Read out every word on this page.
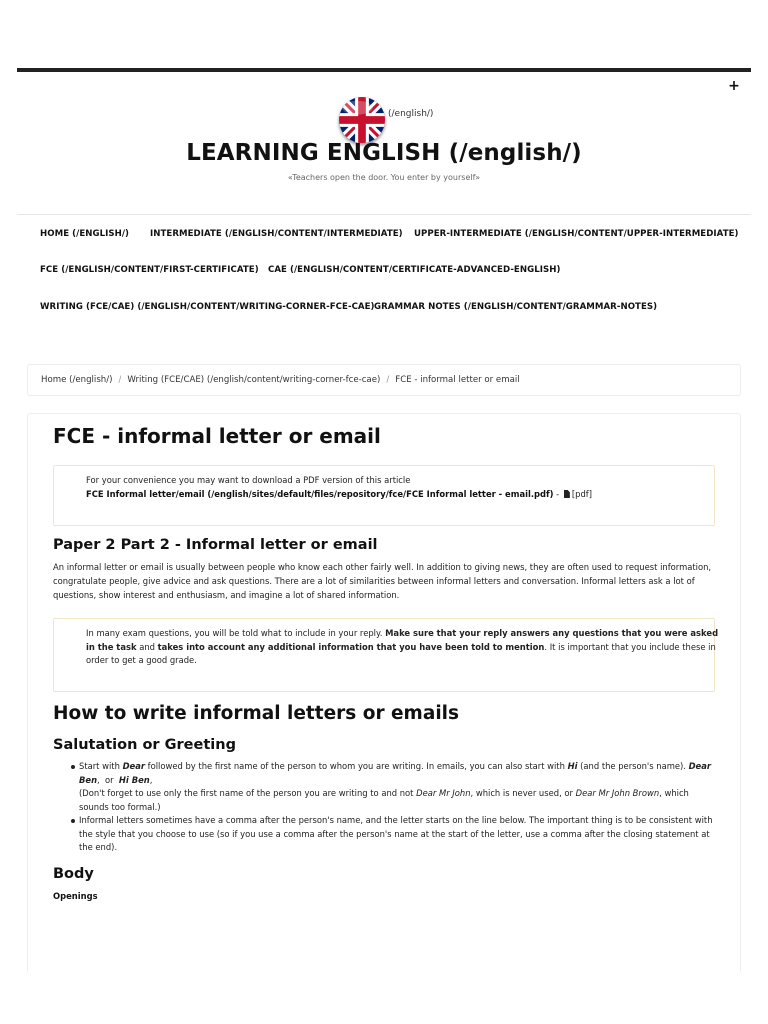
+
(/english/)
LEARNING ENGLISH (/english/)
«Teachers open the door. You enter by yourself»
HOME (/ENGLISH/) INTERMEDIATE (/ENGLISH/CONTENT/INTERMEDIATE) UPPER-INTERMEDIATE (/ENGLISH/CONTENT/UPPER-INTERMEDIATE)
FCE (/ENGLISH/CONTENT/FIRST-CERTIFICATE) CAE (/ENGLISH/CONTENT/CERTIFICATE-ADVANCED-ENGLISH)
WRITING (FCE/CAE) (/ENGLISH/CONTENT/WRITING-CORNER-FCE-CAE) GRAMMAR NOTES (/ENGLISH/CONTENT/GRAMMAR-NOTES)
Home (/english/) / Writing (FCE/CAE) (/english/content/writing-corner-fce-cae) / FCE - informal letter or email
FCE - informal letter or email
For your convenience you may want to download a PDF version of this article
FCE Informal letter/email (/english/sites/default/files/repository/fce/FCE Informal letter - email.pdf) - [pdf]
Paper 2 Part 2 - Informal letter or email
An informal letter or email is usually between people who know each other fairly well. In addition to giving news, they are often used to request information,
congratulate people, give advice and ask questions. There are a lot of similarities between informal letters and conversation. Informal letters ask a lot of
questions, show interest and enthusiasm, and imagine a lot of shared information.
In many exam questions, you will be told what to include in your reply. Make sure that your reply answers any questions that you were asked
in the task and takes into account any additional information that you have been told to mention. It is important that you include these in
order to get a good grade.
How to write informal letters or emails
Salutation or Greeting
Start with Dear followed by the first name of the person to whom you are writing. In emails, you can also start with Hi (and the person's name). Dear
Ben,  or  Hi Ben,
(Don't forget to use only the first name of the person you are writing to and not Dear Mr John, which is never used, or Dear Mr John Brown, which
sounds too formal.)
Informal letters sometimes have a comma after the person's name, and the letter starts on the line below. The important thing is to be consistent with
the style that you choose to use (so if you use a comma after the person's name at the start of the letter, use a comma after the closing statement at
the end).
Body
Openings
